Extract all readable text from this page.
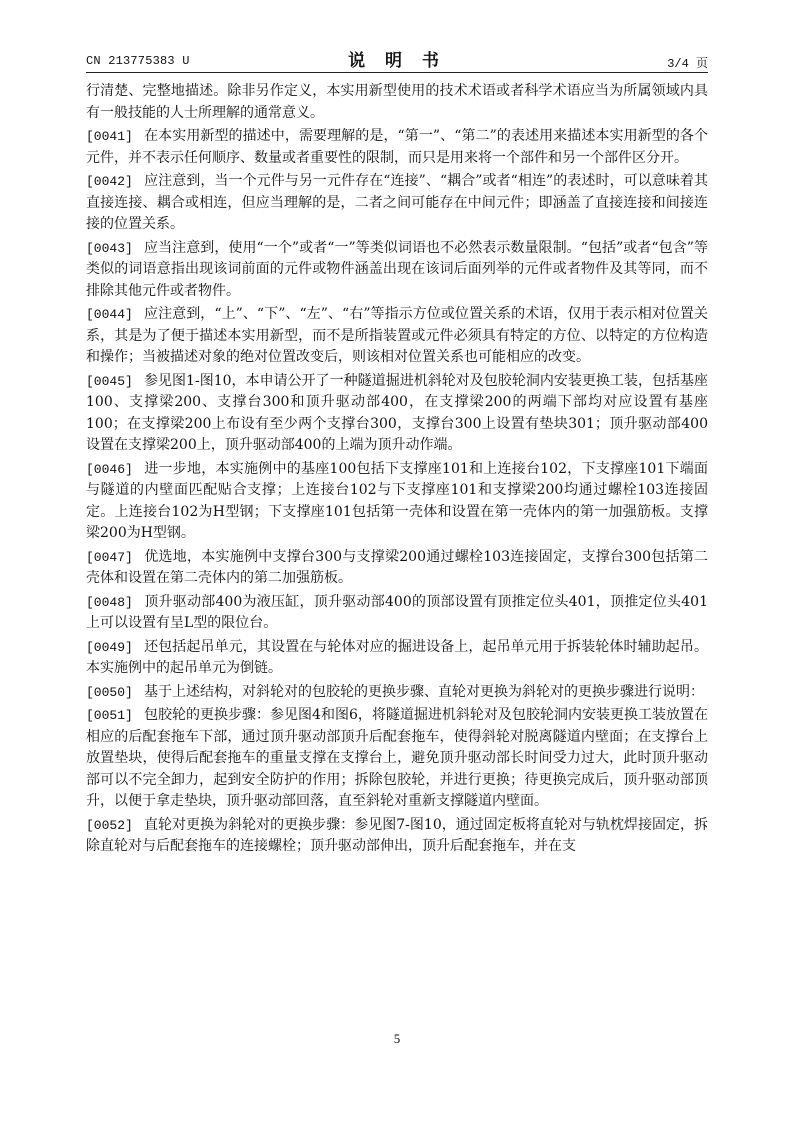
CN 213775383 U	说 明 书	3/4 页

行清楚、完整地描述。除非另作定义，本实用新型使用的技术术语或者科学术语应当为所属领域内具有一般技能的人士所理解的通常意义。

[0041] 在本实用新型的描述中，需要理解的是，“第一”、“第二”的表述用来描述本实用新型的各个元件，并不表示任何顺序、数量或者重要性的限制，而只是用来将一个部件和另一个部件区分开。

[0042] 应注意到，当一个元件与另一元件存在“连接”、“耦合”或者“相连”的表述时，可以意味着其直接连接、耦合或相连，但应当理解的是，二者之间可能存在中间元件；即涵盖了直接连接和间接连接的位置关系。

[0043] 应当注意到，使用“一个”或者“一”等类似词语也不必然表示数量限制。“包括”或者“包含”等类似的词语意指出现该词前面的元件或物件涵盖出现在该词后面列举的元件或者物件及其等同，而不排除其他元件或者物件。

[0044] 应注意到，“上”、“下”、“左”、“右”等指示方位或位置关系的术语，仅用于表示相对位置关系，其是为了便于描述本实用新型，而不是所指装置或元件必须具有特定的方位、以特定的方位构造和操作；当被描述对象的绝对位置改变后，则该相对位置关系也可能相应的改变。

[0045] 参见图1-图10，本申请公开了一种隧道掘进机斜轮对及包胶轮洞内安装更换工装，包括基座100、支撑梁200、支撑台300和顶升驱动部400，在支撑梁200的两端下部均对应设置有基座100；在支撑梁200上布设有至少两个支撑台300，支撑台300上设置有垫块301；顶升驱动部400设置在支撑梁200上，顶升驱动部400的上端为顶升动作端。

[0046] 进一步地，本实施例中的基座100包括下支撑座101和上连接台102，下支撑座101下端面与隧道的内壁面匹配贴合支撑；上连接台102与下支撑座101和支撑梁200均通过螺栓103连接固定。上连接台102为H型钢；下支撑座101包括第一壳体和设置在第一壳体内的第一加强筋板。支撑梁200为H型钢。

[0047] 优选地，本实施例中支撑台300与支撑梁200通过螺栓103连接固定，支撑台300包括第二壳体和设置在第二壳体内的第二加强筋板。

[0048] 顶升驱动部400为液压缸，顶升驱动部400的顶部设置有顶推定位头401，顶推定位头401上可以设置有呈L型的限位台。

[0049] 还包括起吊单元，其设置在与轮体对应的掘进设备上，起吊单元用于拆装轮体时辅助起吊。本实施例中的起吊单元为倒链。

[0050] 基于上述结构，对斜轮对的包胶轮的更换步骤、直轮对更换为斜轮对的更换步骤进行说明：

[0051] 包胶轮的更换步骤：参见图4和图6，将隧道掘进机斜轮对及包胶轮洞内安装更换工装放置在相应的后配套拖车下部，通过顶升驱动部顶升后配套拖车，使得斜轮对脱离隧道内壁面；在支撑台上放置垫块，使得后配套拖车的重量支撑在支撑台上，避免顶升驱动部长时间受力过大，此时顶升驱动部可以不完全卸力，起到安全防护的作用；拆除包胶轮，并进行更换；待更换完成后，顶升驱动部顶升，以便于拿走垫块，顶升驱动部回落，直至斜轮对重新支撑隧道内壁面。

[0052] 直轮对更换为斜轮对的更换步骤：参见图7-图10，通过固定板将直轮对与轨枕焊接固定，拆除直轮对与后配套拖车的连接螺栓；顶升驱动部伸出，顶升后配套拖车，并在支

5
